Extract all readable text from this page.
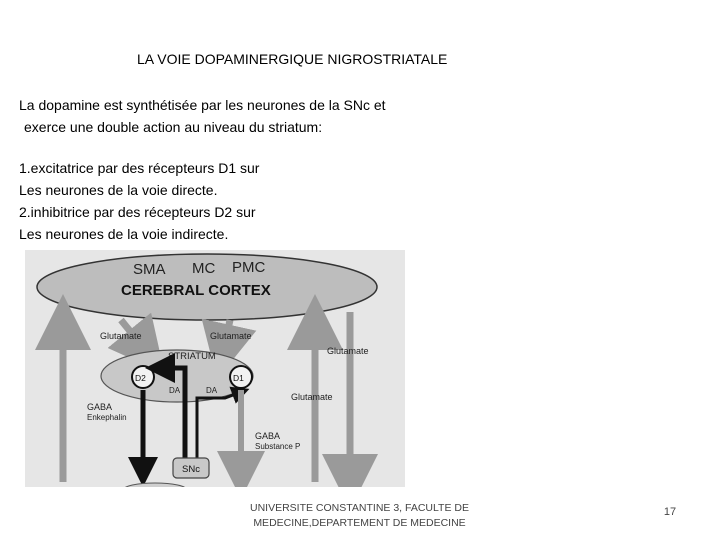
LA VOIE DOPAMINERGIQUE NIGROSTRIATALE
La dopamine est synthétisée par les neurones de la SNc et
exerce une double action au niveau du striatum:
1.excitatrice par des récepteurs D1 sur
Les neurones de la voie directe.
2.inhibitrice par des récepteurs D2 sur
Les neurones de la voie indirecte.
SMA MC PMC
CEREBRAL CORTEX
Glutamate	Glutamate
Glutamate
Glutamate
STRIATUM
D2	D1
DA	DA
GABA
Enkephalin
GABA
Substance P
SNc
UNIVERSITE CONSTANTINE 3, FACULTE DE
MEDECINE,DEPARTEMENT DE MEDECINE
17
